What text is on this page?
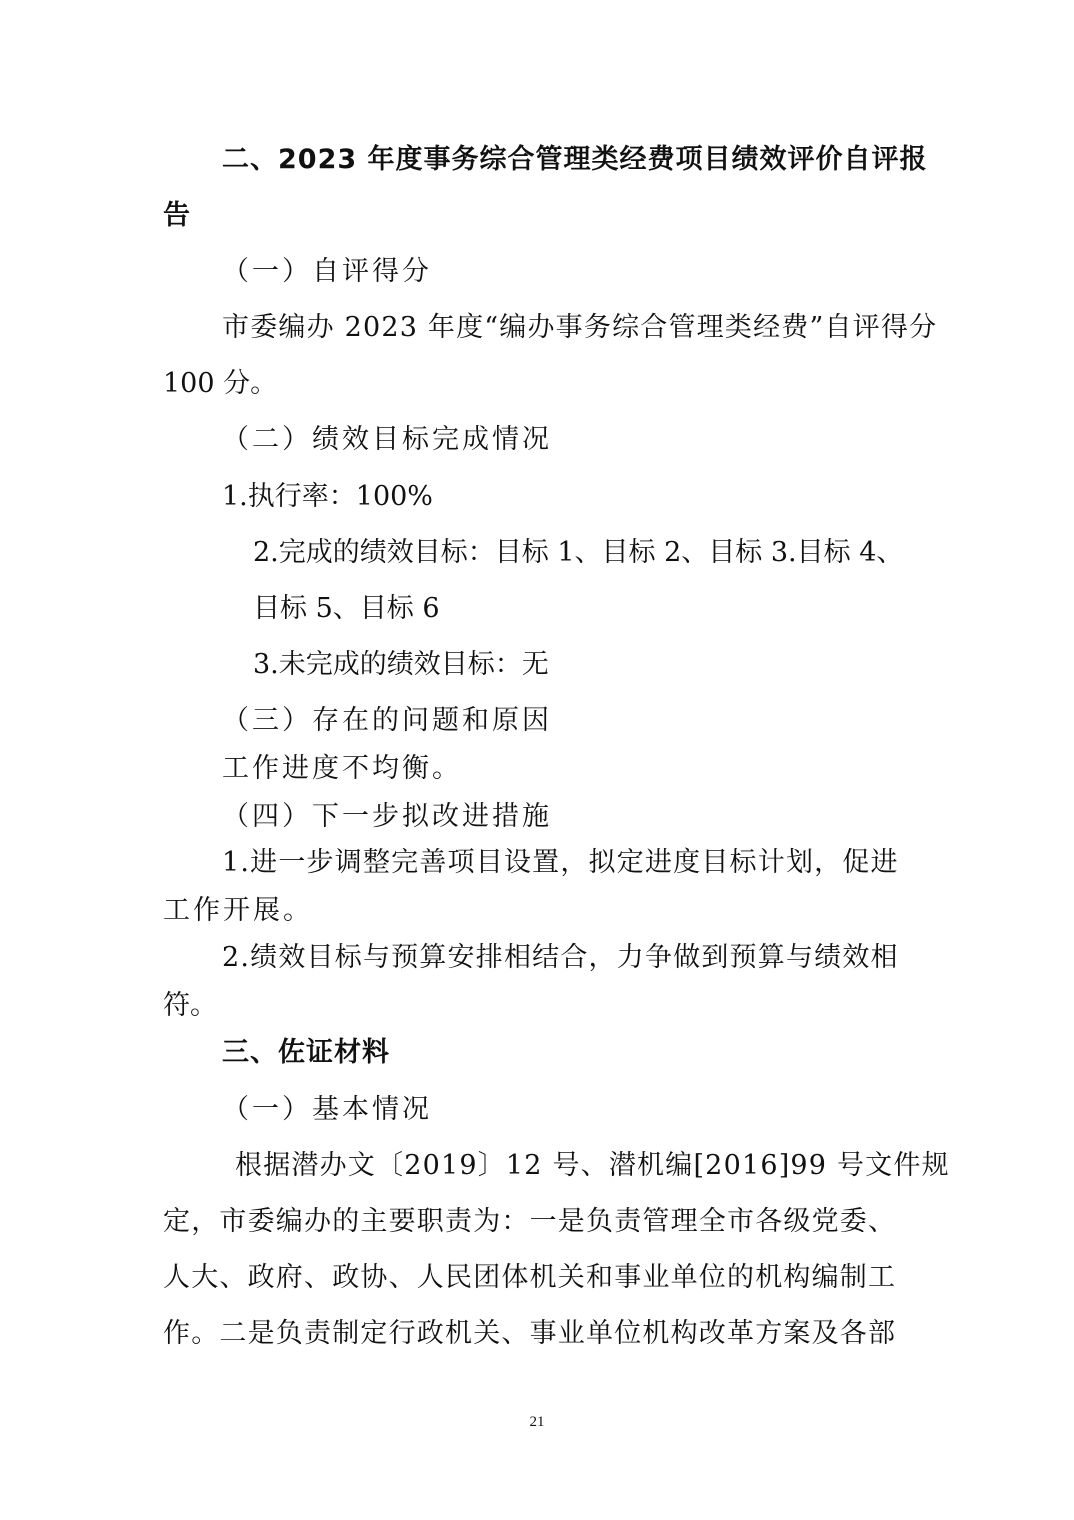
二、2023 年度事务综合管理类经费项目绩效评价自评报
告
（一）自评得分
市委编办 2023 年度“编办事务综合管理类经费”自评得分
100 分。
（二）绩效目标完成情况
1.执行率：100%
2.完成的绩效目标：目标 1、目标 2、目标 3.目标 4、
目标 5、目标 6
3.未完成的绩效目标：无
（三）存在的问题和原因
工作进度不均衡。
（四）下一步拟改进措施
1.进一步调整完善项目设置，拟定进度目标计划，促进
工作开展。
2.绩效目标与预算安排相结合，力争做到预算与绩效相
符。
三、佐证材料
（一）基本情况
根据潜办文〔2019〕12 号、潜机编[2016]99 号文件规
定，市委编办的主要职责为：一是负责管理全市各级党委、
人大、政府、政协、人民团体机关和事业单位的机构编制工
作。二是负责制定行政机关、事业单位机构改革方案及各部
21
